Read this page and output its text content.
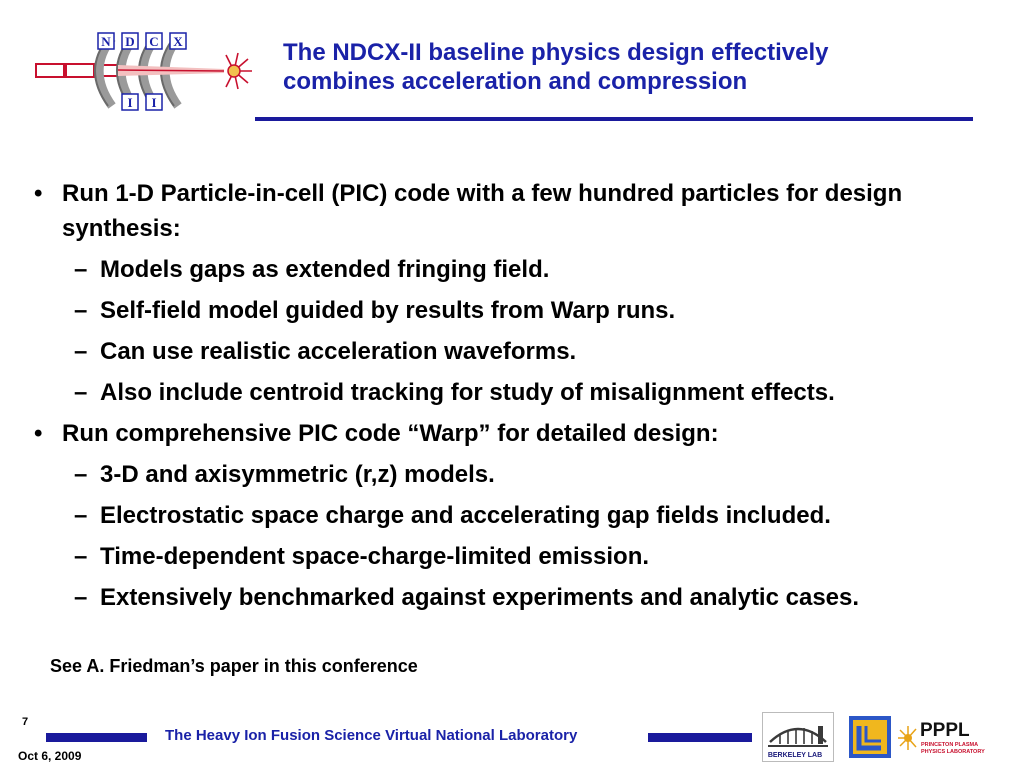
N D C X
I I
The NDCX-II baseline physics design effectively
combines acceleration and compression
• Run 1-D Particle-in-cell (PIC) code with a few hundred particles for design synthesis:
– Models gaps as extended fringing field.
– Self-field model guided by results from Warp runs.
– Can use realistic acceleration waveforms.
– Also include centroid tracking for study of misalignment effects.
• Run comprehensive PIC code “Warp” for detailed design:
– 3-D and axisymmetric (r,z) models.
– Electrostatic space charge and accelerating gap fields included.
– Time-dependent space-charge-limited emission.
– Extensively benchmarked against experiments and analytic cases.
See A. Friedman’s paper in this conference
7
Oct 6, 2009
The Heavy Ion Fusion Science Virtual National Laboratory
BERKELEY LAB
PPPL
PRINCETON PLASMA
PHYSICS LABORATORY
